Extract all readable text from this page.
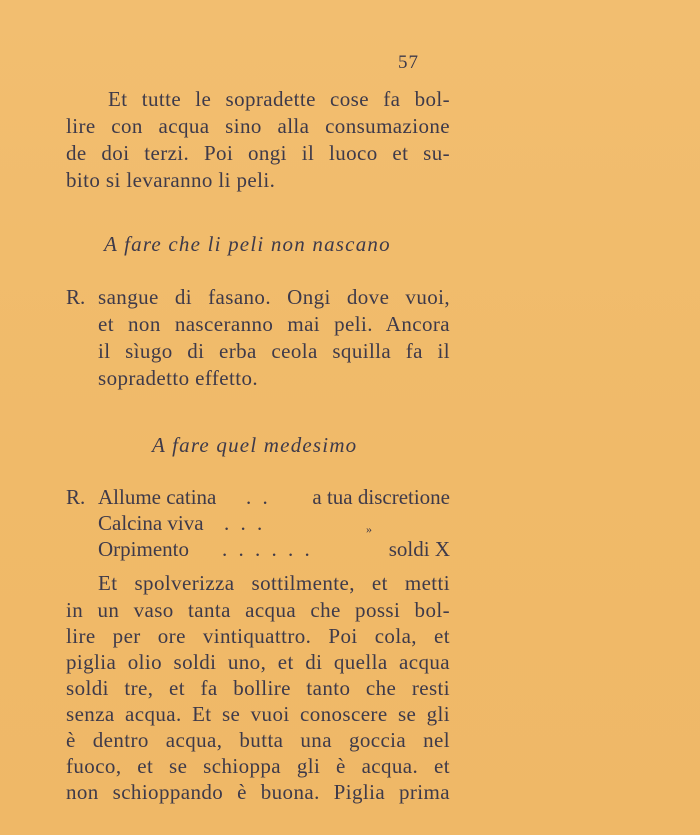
57
Et tutte le sopradette cose fa bol-
lire con acqua sino alla consumazione
de doi terzi. Poi ongi il luoco et su-
bito si levaranno li peli.
A fare che li peli non nascano
R. sangue di fasano. Ongi dove vuoi,
et non nasceranno mai peli. Ancora
il sìugo di erba ceola squilla fa il
sopradetto effetto.
A fare quel medesimo
R. Allume catina . . a tua discretione
Calcina viva . . .	»
Orpimento . . . . . .	soldi X
Et spolverizza sottilmente, et metti
in un vaso tanta acqua che possi bol-
lire per ore vintiquattro. Poi cola, et
piglia olio soldi uno, et di quella acqua
soldi tre, et fa bollire tanto che resti
senza acqua. Et se vuoi conoscere se gli
è dentro acqua, butta una goccia nel
fuoco, et se schioppa gli è acqua. et
non schioppando è buona. Piglia prima
